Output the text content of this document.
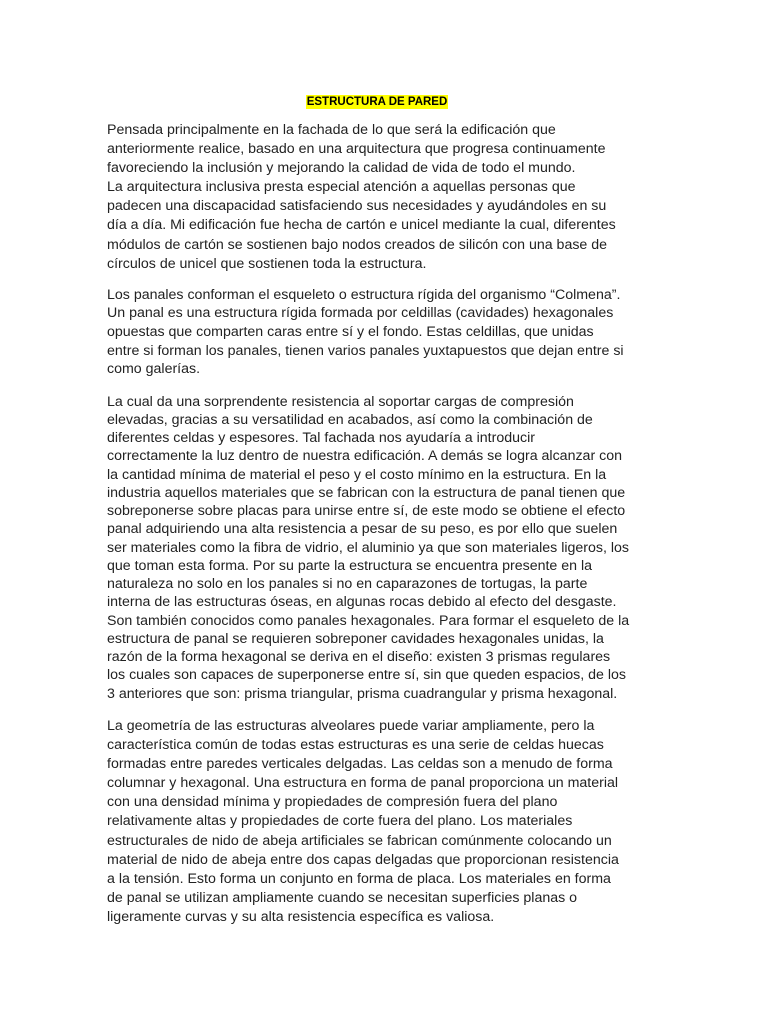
ESTRUCTURA DE PARED

Pensada principalmente en la fachada de lo que será la edificación que
anteriormente realice, basado en una arquitectura que progresa continuamente
favoreciendo la inclusión y mejorando la calidad de vida de todo el mundo.
La arquitectura inclusiva presta especial atención a aquellas personas que
padecen una discapacidad satisfaciendo sus necesidades y ayudándoles en su
día a día. Mi edificación fue hecha de cartón e unicel mediante la cual, diferentes
módulos de cartón se sostienen bajo nodos creados de silicón con una base de
círculos de unicel que sostienen toda la estructura.

Los panales conforman el esqueleto o estructura rígida del organismo “Colmena”.
Un panal es una estructura rígida formada por celdillas (cavidades) hexagonales
opuestas que comparten caras entre sí y el fondo. Estas celdillas, que unidas
entre si forman los panales, tienen varios panales yuxtapuestos que dejan entre si
como galerías.

La cual da una sorprendente resistencia al soportar cargas de compresión
elevadas, gracias a su versatilidad en acabados, así como la combinación de
diferentes celdas y espesores. Tal fachada nos ayudaría a introducir
correctamente la luz dentro de nuestra edificación. A demás se logra alcanzar con
la cantidad mínima de material el peso y el costo mínimo en la estructura. En la
industria aquellos materiales que se fabrican con la estructura de panal tienen que
sobreponerse sobre placas para unirse entre sí, de este modo se obtiene el efecto
panal adquiriendo una alta resistencia a pesar de su peso, es por ello que suelen
ser materiales como la fibra de vidrio, el aluminio ya que son materiales ligeros, los
que toman esta forma. Por su parte la estructura se encuentra presente en la
naturaleza no solo en los panales si no en caparazones de tortugas, la parte
interna de las estructuras óseas, en algunas rocas debido al efecto del desgaste.
Son también conocidos como panales hexagonales. Para formar el esqueleto de la
estructura de panal se requieren sobreponer cavidades hexagonales unidas, la
razón de la forma hexagonal se deriva en el diseño: existen 3 prismas regulares
los cuales son capaces de superponerse entre sí, sin que queden espacios, de los
3 anteriores que son: prisma triangular, prisma cuadrangular y prisma hexagonal.

La geometría de las estructuras alveolares puede variar ampliamente, pero la
característica común de todas estas estructuras es una serie de celdas huecas
formadas entre paredes verticales delgadas. Las celdas son a menudo de forma
columnar y hexagonal. Una estructura en forma de panal proporciona un material
con una densidad mínima y propiedades de compresión fuera del plano
relativamente altas y propiedades de corte fuera del plano. Los materiales
estructurales de nido de abeja artificiales se fabrican comúnmente colocando un
material de nido de abeja entre dos capas delgadas que proporcionan resistencia
a la tensión. Esto forma un conjunto en forma de placa. Los materiales en forma
de panal se utilizan ampliamente cuando se necesitan superficies planas o
ligeramente curvas y su alta resistencia específica es valiosa.
